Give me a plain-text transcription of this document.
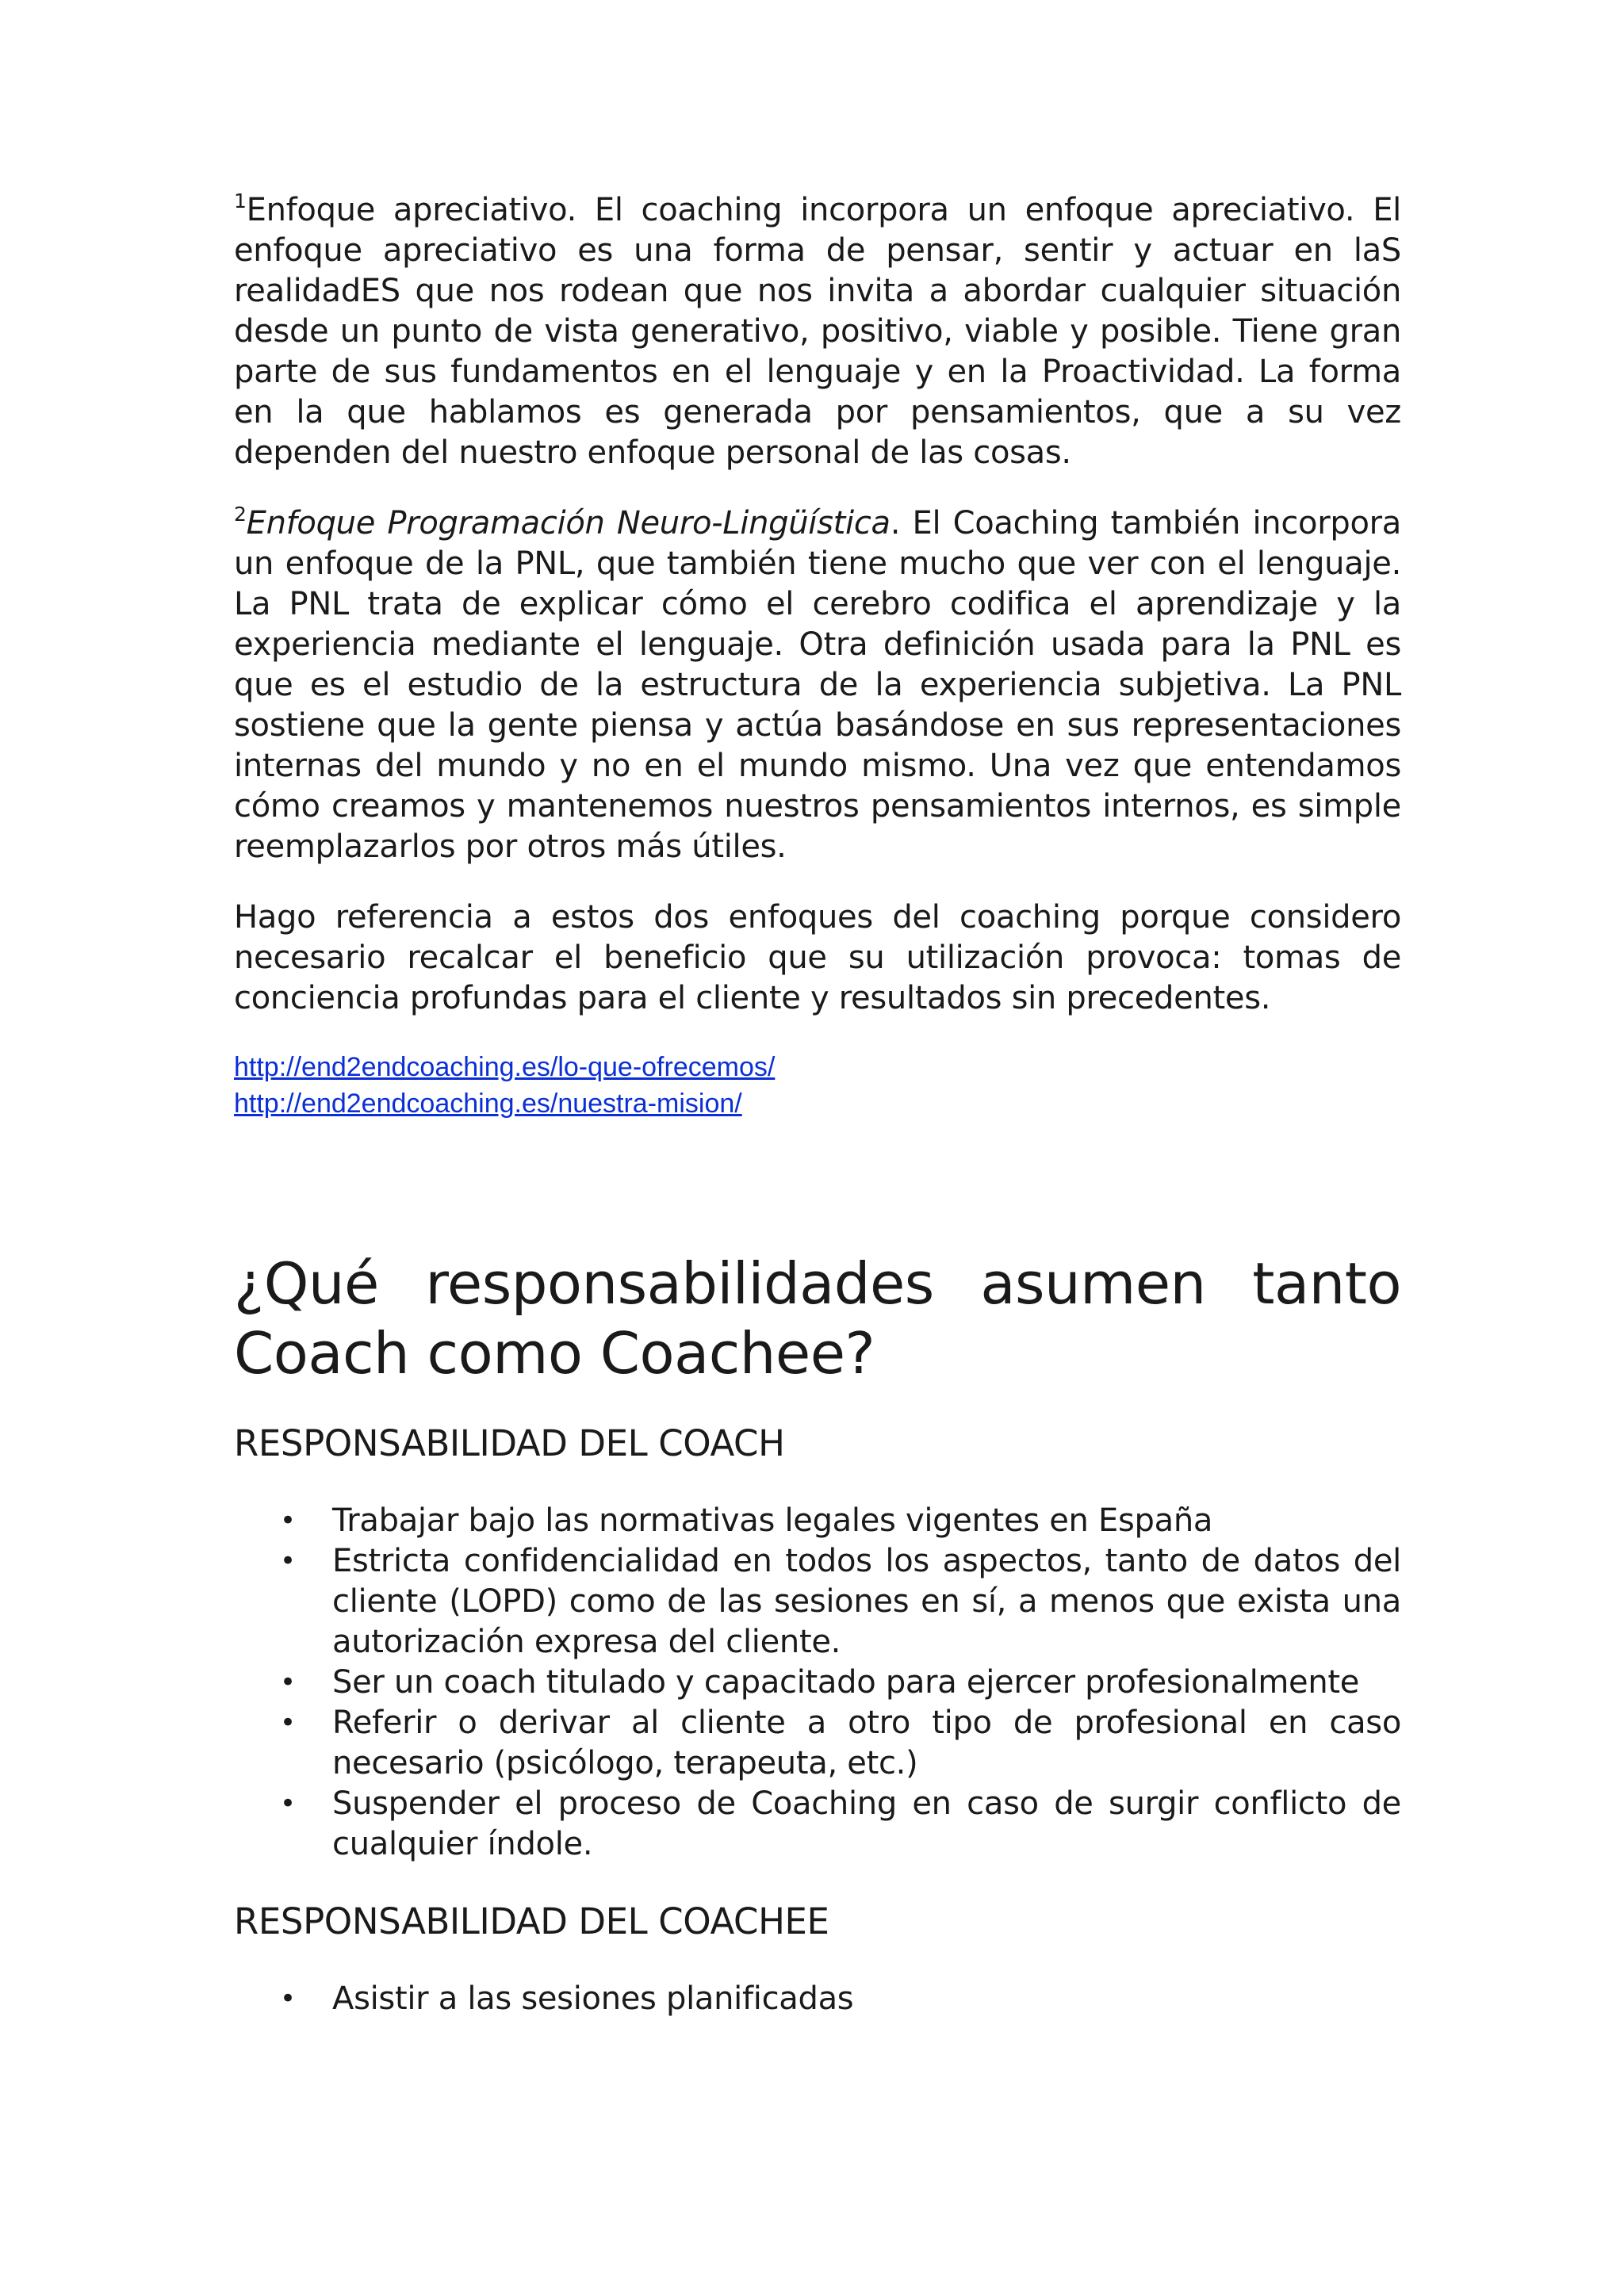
$^1$Enfoque apreciativo. El coaching incorpora un enfoque apreciativo. El enfoque apreciativo es una forma de pensar, sentir y actuar en laS realidadES que nos rodean que nos invita a abordar cualquier situación desde un punto de vista generativo, positivo, viable y posible. Tiene gran parte de sus fundamentos en el lenguaje y en la Proactividad. La forma en la que hablamos es generada por pensamientos, que a su vez dependen del nuestro enfoque personal de las cosas.

$^2$Enfoque Programación Neuro-Lingüística. El Coaching también incorpora un enfoque de la PNL, que también tiene mucho que ver con el lenguaje. La PNL trata de explicar cómo el cerebro codifica el aprendizaje y la experiencia mediante el lenguaje. Otra definición usada para la PNL es que es el estudio de la estructura de la experiencia subjetiva. La PNL sostiene que la gente piensa y actúa basándose en sus representaciones internas del mundo y no en el mundo mismo. Una vez que entendamos cómo creamos y mantenemos nuestros pensamientos internos, es simple reemplazarlos por otros más útiles.

Hago referencia a estos dos enfoques del coaching porque considero necesario recalcar el beneficio que su utilización provoca: tomas de conciencia profundas para el cliente y resultados sin precedentes.

http://end2endcoaching.es/lo-que-ofrecemos/
http://end2endcoaching.es/nuestra-mision/
¿Qué responsabilidades asumen tanto Coach como Coachee?
RESPONSABILIDAD DEL COACH
• Trabajar bajo las normativas legales vigentes en España
• Estricta confidencialidad en todos los aspectos, tanto de datos del cliente (LOPD) como de las sesiones en sí, a menos que exista una autorización expresa del cliente.
• Ser un coach titulado y capacitado para ejercer profesionalmente
• Referir o derivar al cliente a otro tipo de profesional en caso necesario (psicólogo, terapeuta, etc.)
• Suspender el proceso de Coaching en caso de surgir conflicto de cualquier índole.
RESPONSABILIDAD DEL COACHEE
• Asistir a las sesiones planificadas
